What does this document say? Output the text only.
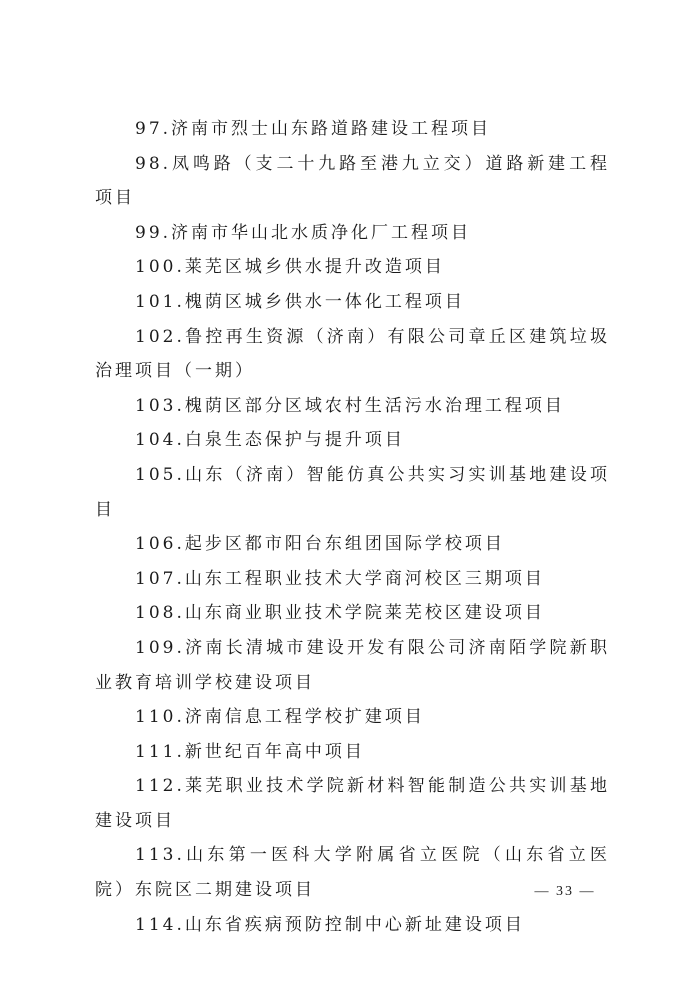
97.济南市烈士山东路道路建设工程项目
98.凤鸣路（支二十九路至港九立交）道路新建工程项目
99.济南市华山北水质净化厂工程项目
100.莱芜区城乡供水提升改造项目
101.槐荫区城乡供水一体化工程项目
102.鲁控再生资源（济南）有限公司章丘区建筑垃圾治理项目（一期）
103.槐荫区部分区域农村生活污水治理工程项目
104.白泉生态保护与提升项目
105.山东（济南）智能仿真公共实习实训基地建设项目
106.起步区都市阳台东组团国际学校项目
107.山东工程职业技术大学商河校区三期项目
108.山东商业职业技术学院莱芜校区建设项目
109.济南长清城市建设开发有限公司济南陌学院新职业教育培训学校建设项目
110.济南信息工程学校扩建项目
111.新世纪百年高中项目
112.莱芜职业技术学院新材料智能制造公共实训基地建设项目
113.山东第一医科大学附属省立医院（山东省立医院）东院区二期建设项目
114.山东省疾病预防控制中心新址建设项目
— 33 —
